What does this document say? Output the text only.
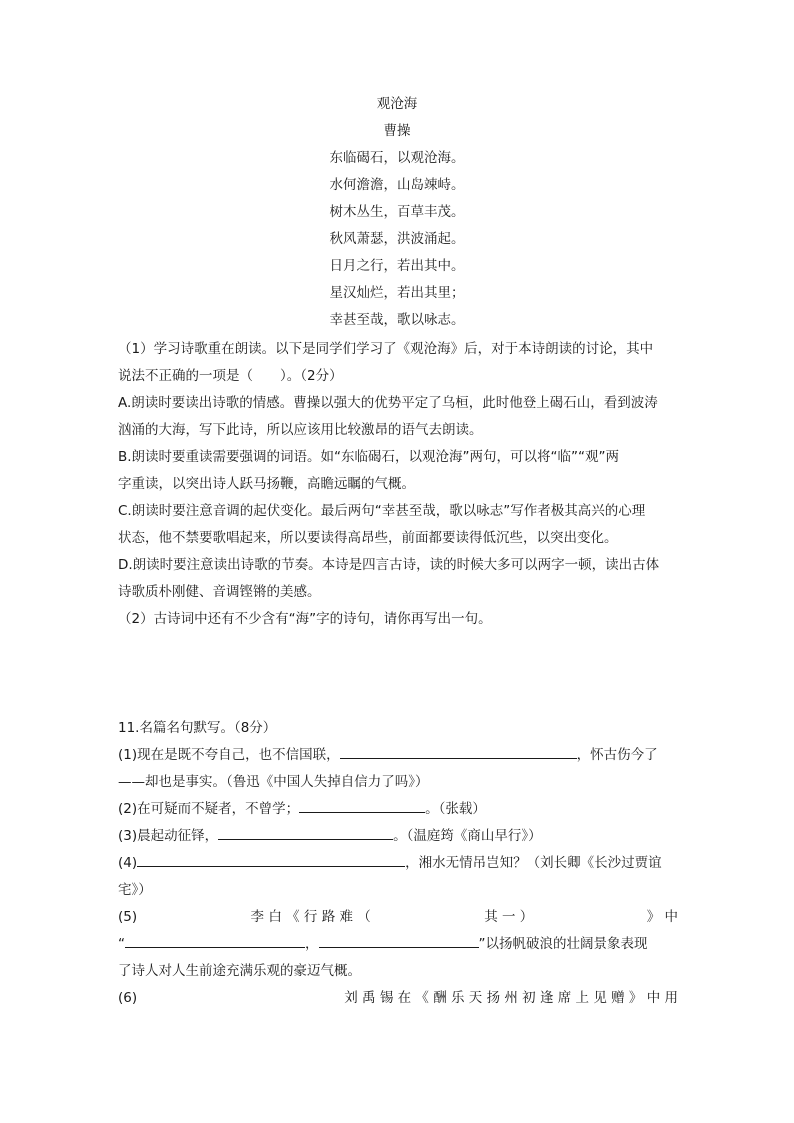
观沧海
曹操
东临碣石，以观沧海。
水何澹澹，山岛竦峙。
树木丛生，百草丰茂。
秋风萧瑟，洪波涌起。
日月之行，若出其中。
星汉灿烂，若出其里；
幸甚至哉，歌以咏志。
（1）学习诗歌重在朗读。以下是同学们学习了《观沧海》后，对于本诗朗读的讨论，其中
说法不正确的一项是（　　）。（2分）
A.朗读时要读出诗歌的情感。曹操以强大的优势平定了乌桓，此时他登上碣石山，看到波涛
汹涌的大海，写下此诗，所以应该用比较激昂的语气去朗读。
B.朗读时要重读需要强调的词语。如“东临碣石，以观沧海”两句，可以将“临”“观”两
字重读，以突出诗人跃马扬鞭，高瞻远瞩的气概。
C.朗读时要注意音调的起伏变化。最后两句“幸甚至哉，歌以咏志”写作者极其高兴的心理
状态，他不禁要歌唱起来，所以要读得高昂些，前面都要读得低沉些，以突出变化。
D.朗读时要注意读出诗歌的节奏。本诗是四言古诗，读的时候大多可以两字一顿，读出古体
诗歌质朴刚健、音调铿锵的美感。
（2）古诗词中还有不少含有“海”字的诗句，请你再写出一句。
11.名篇名句默写。（8分）
(1)现在是既不夸自己，也不信国联，	，怀古伤今了
——却也是事实。（鲁迅《中国人失掉自信力了吗》）
(2)在可疑而不疑者，不曾学；	。（张载）
(3)晨起动征铎，	。（温庭筠《商山早行》）
(4)	，湘水无情吊岂知？（刘长卿《长沙过贾谊
宅》）
(5)	李 白 《 行 路 难 （	其 一 ）	》 中
“	，	”以扬帆破浪的壮阔景象表现
了诗人对人生前途充满乐观的豪迈气概。
(6)	刘 禹 锡 在 《 酬 乐 天 扬 州 初 逢 席 上 见 赠 》 中 用
